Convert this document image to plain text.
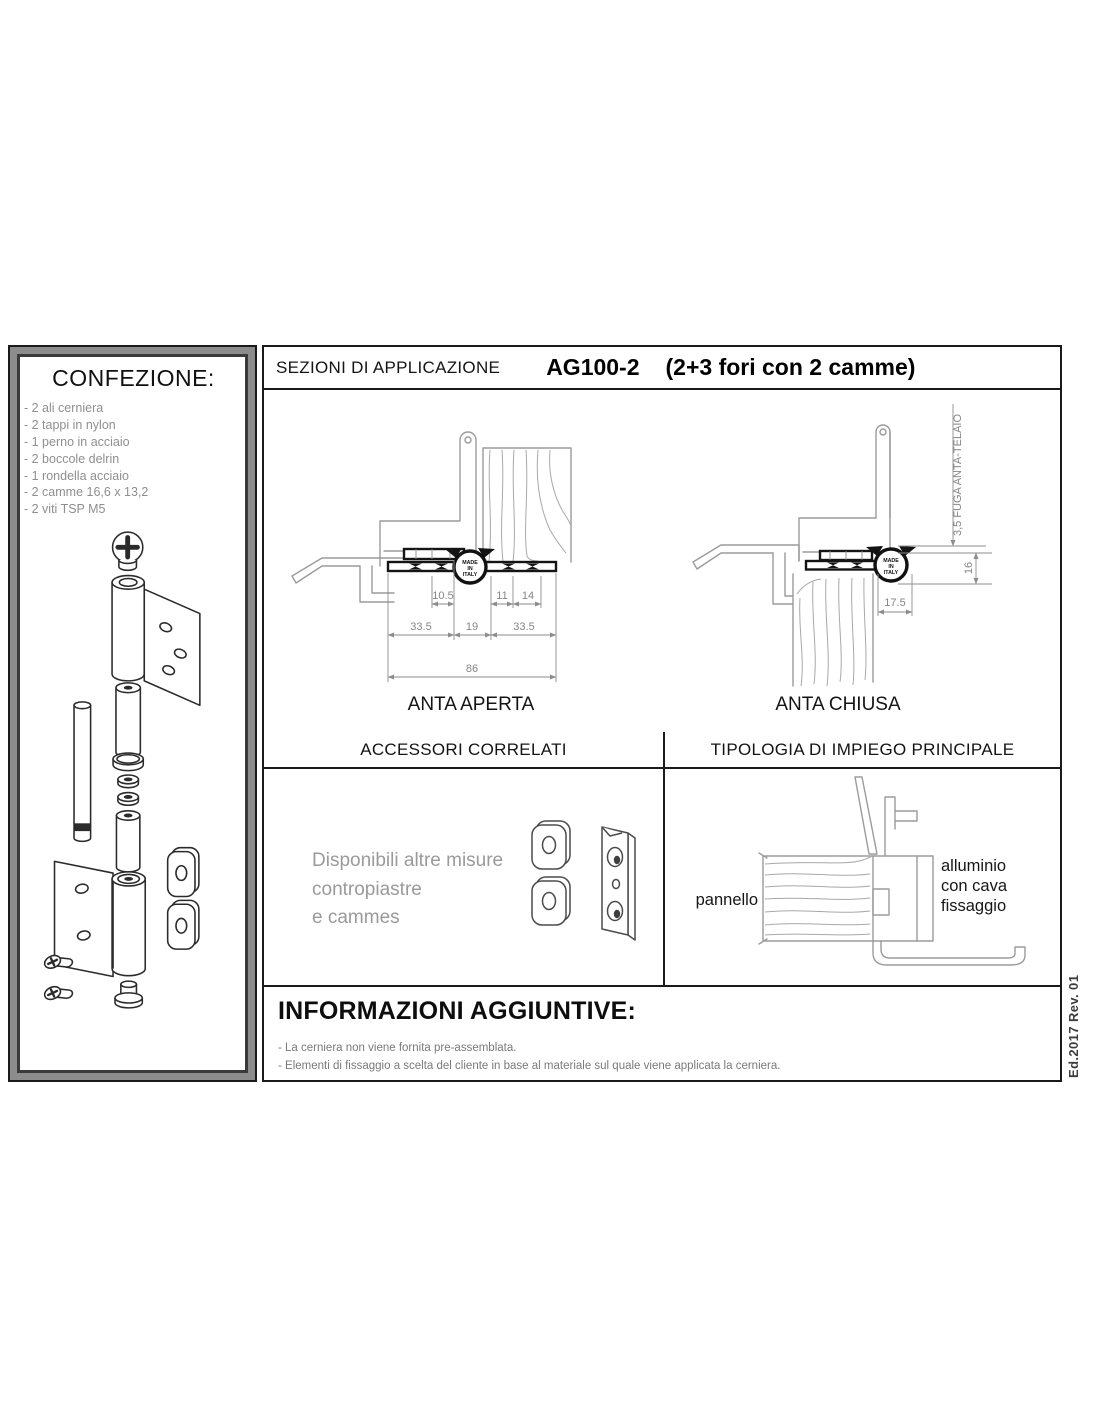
CONFEZIONE:
- 2 ali cerniera
- 2 tappi in nylon
- 1 perno in acciaio
- 2 boccole delrin
- 1 rondella acciaio
- 2 camme 16,6 x 13,2
- 2 viti TSP M5
SEZIONI DI APPLICAZIONE AG100-2 (2+3 fori con 2 camme)
MADE
IN
ITALY
10.5	11 14
33.5	19	33.5
86
ANTA APERTA
MADE
IN
ITALY
3,5 FUGA ANTA-TELAIO
16
17.5
ANTA CHIUSA
ACCESSORI CORRELATI	TIPOLOGIA DI IMPIEGO PRINCIPALE
Disponibili altre misure
contropiastre
e cammes
pannello
alluminio
con cava
fissaggio
INFORMAZIONI AGGIUNTIVE:
- La cerniera non viene fornita pre-assemblata.
- Elementi di fissaggio a scelta del cliente in base al materiale sul quale viene applicata la cerniera.	Ed.2017 Rev. 01
